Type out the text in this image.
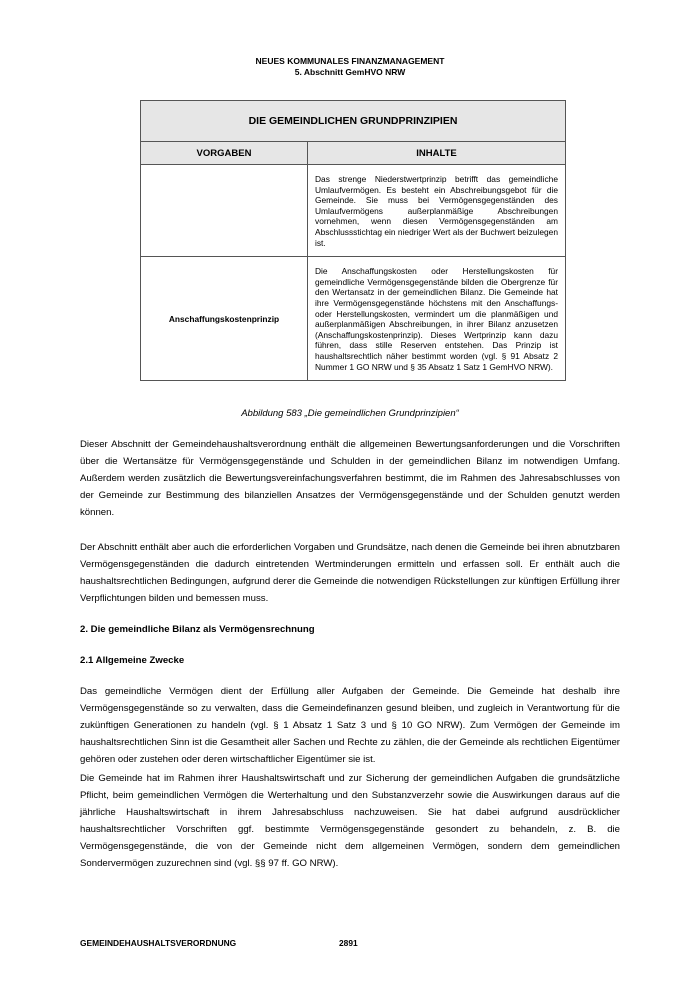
NEUES KOMMUNALES FINANZMANAGEMENT
5. Abschnitt GemHVO NRW
DIE GEMEINDLICHEN GRUNDPRINZIPIEN	
VORGABEN	INHALTE
	Das strenge Niederstwertprinzip betrifft das gemeindliche Umlaufvermögen. Es besteht ein Abschreibungsgebot für die Gemeinde. Sie muss bei Vermögensgegenständen des Umlaufvermögens außerplanmäßige Abschreibungen vornehmen, wenn diesen Vermögensgegenständen am Abschlussstichtag ein niedriger Wert als der Buchwert beizulegen ist.
Anschaffungskostenprinzip	Die Anschaffungskosten oder Herstellungskosten für gemeindliche Vermögensgegenstände bilden die Obergrenze für den Wertansatz in der gemeindlichen Bilanz. Die Gemeinde hat ihre Vermögensgegenstände höchstens mit den Anschaffungs- oder Herstellungskosten, vermindert um die planmäßigen und außerplanmäßigen Abschreibungen, in ihrer Bilanz anzusetzen (Anschaffungskostenprinzip). Dieses Wertprinzip kann dazu führen, dass stille Reserven entstehen. Das Prinzip ist haushaltsrechtlich näher bestimmt worden (vgl. § 91 Absatz 2 Nummer 1 GO NRW und § 35 Absatz 1 Satz 1 GemHVO NRW).
Abbildung 583 „Die gemeindlichen Grundprinzipien“
Dieser Abschnitt der Gemeindehaushaltsverordnung enthält die allgemeinen Bewertungsanforderungen und die Vorschriften über die Wertansätze für Vermögensgegenstände und Schulden in der gemeindlichen Bilanz im notwendigen Umfang. Außerdem werden zusätzlich die Bewertungsvereinfachungsverfahren bestimmt, die im Rahmen des Jahresabschlusses von der Gemeinde zur Bestimmung des bilanziellen Ansatzes der Vermögensgegenstände und der Schulden genutzt werden können.
Der Abschnitt enthält aber auch die erforderlichen Vorgaben und Grundsätze, nach denen die Gemeinde bei ihren abnutzbaren Vermögensgegenständen die dadurch eintretenden Wertminderungen ermitteln und erfassen soll. Er enthält auch die haushaltsrechtlichen Bedingungen, aufgrund derer die Gemeinde die notwendigen Rückstellungen zur künftigen Erfüllung ihrer Verpflichtungen bilden und bemessen muss.
2. Die gemeindliche Bilanz als Vermögensrechnung
2.1 Allgemeine Zwecke
Das gemeindliche Vermögen dient der Erfüllung aller Aufgaben der Gemeinde. Die Gemeinde hat deshalb ihre Vermögensgegenstände so zu verwalten, dass die Gemeindefinanzen gesund bleiben, und zugleich in Verantwortung für die zukünftigen Generationen zu handeln (vgl. § 1 Absatz 1 Satz 3 und § 10 GO NRW). Zum Vermögen der Gemeinde im haushaltsrechtlichen Sinn ist die Gesamtheit aller Sachen und Rechte zu zählen, die der Gemeinde als rechtlichen Eigentümer gehören oder zustehen oder deren wirtschaftlicher Eigentümer sie ist.
Die Gemeinde hat im Rahmen ihrer Haushaltswirtschaft und zur Sicherung der gemeindlichen Aufgaben die grundsätzliche Pflicht, beim gemeindlichen Vermögen die Werterhaltung und den Substanzverzehr sowie die Auswirkungen daraus auf die jährliche Haushaltswirtschaft in ihrem Jahresabschluss nachzuweisen. Sie hat dabei aufgrund ausdrücklicher haushaltsrechtlicher Vorschriften ggf. bestimmte Vermögensgegenstände gesondert zu behandeln, z. B. die Vermögensgegenstände, die von der Gemeinde nicht dem allgemeinen Vermögen, sondern dem gemeindlichen Sondervermögen zuzurechnen sind (vgl. §§ 97 ff. GO NRW).
GEMEINDEHAUSHALTSVERORDNUNG	2891
